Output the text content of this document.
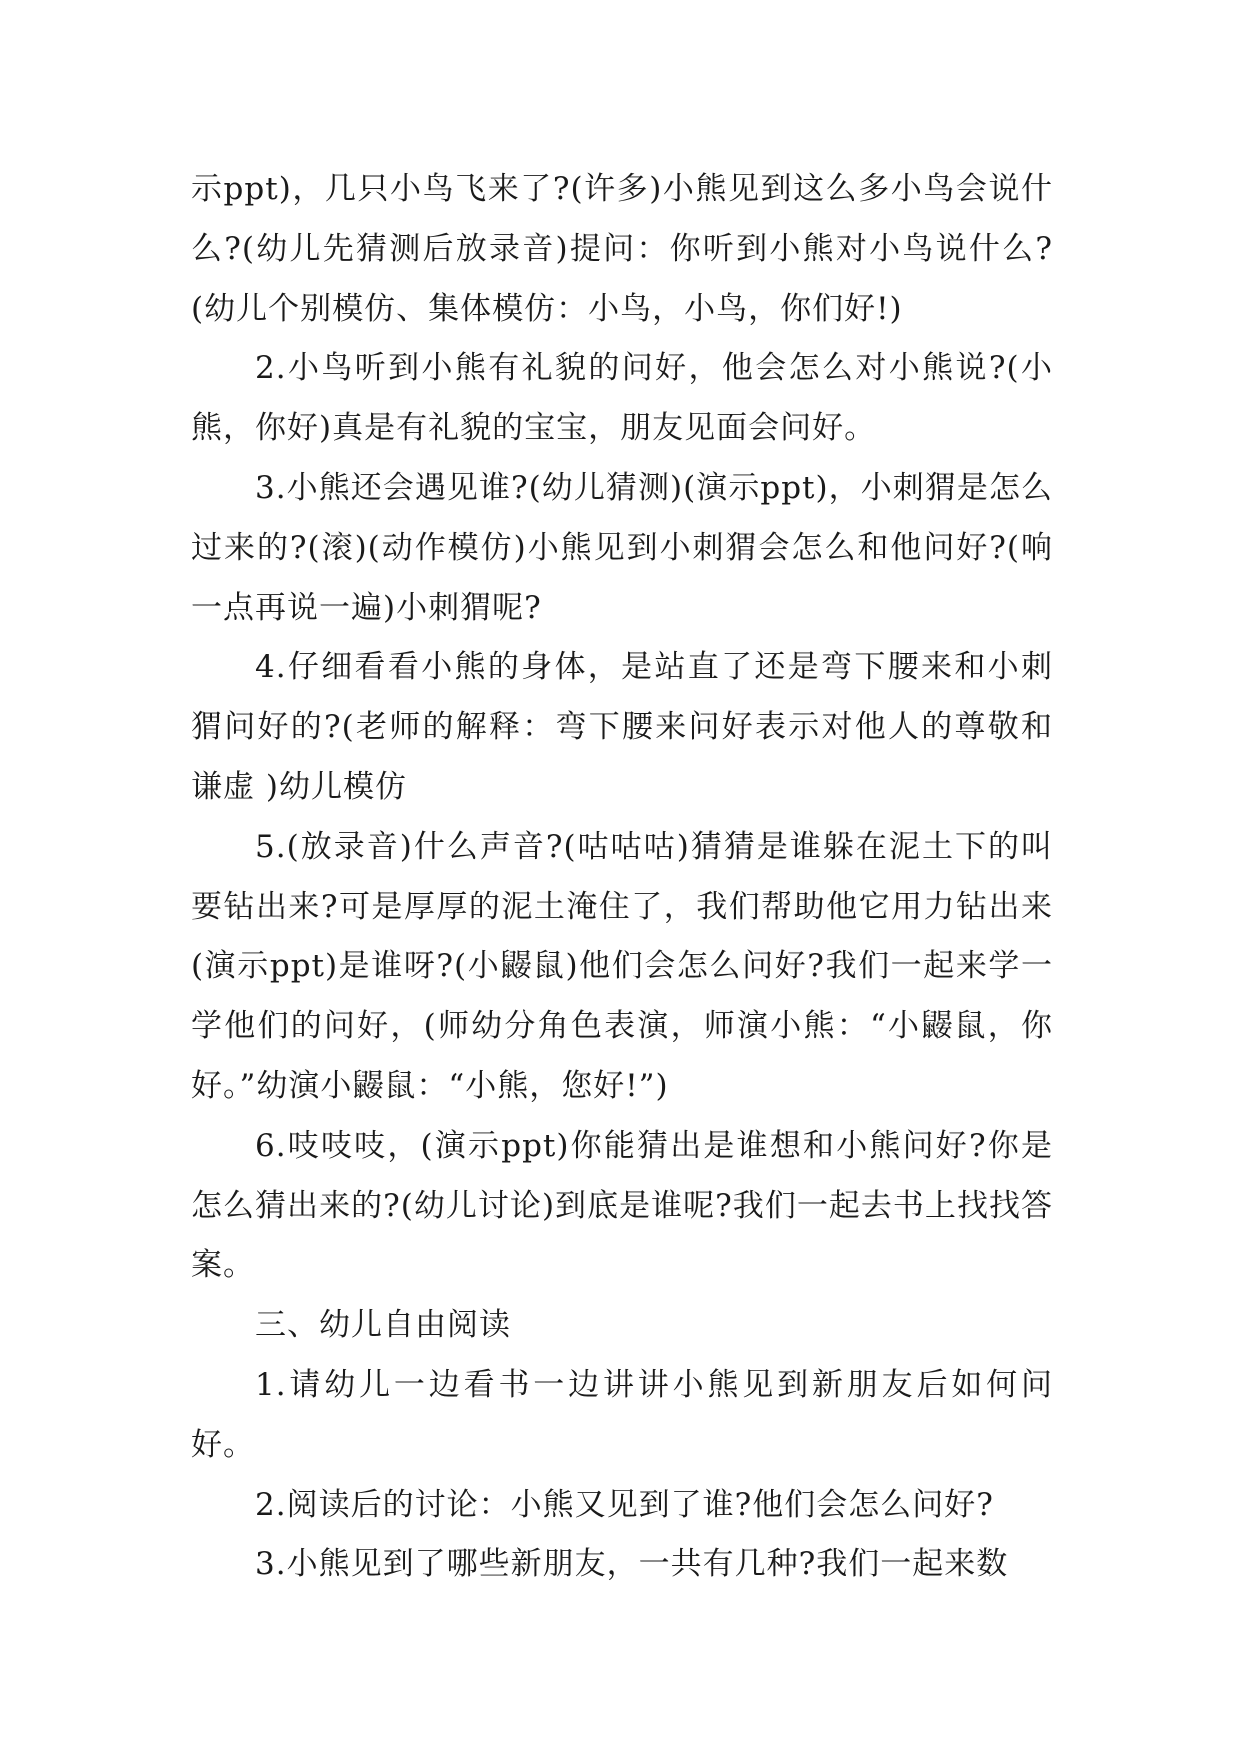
示ppt)，几只小鸟飞来了?(许多)小熊见到这么多小鸟会说什么?(幼儿先猜测后放录音)提问：你听到小熊对小鸟说什么?(幼儿个别模仿、集体模仿：小鸟，小鸟，你们好!)

2.小鸟听到小熊有礼貌的问好，他会怎么对小熊说?(小熊，你好)真是有礼貌的宝宝，朋友见面会问好。

3.小熊还会遇见谁?(幼儿猜测)(演示ppt)，小刺猬是怎么过来的?(滚)(动作模仿)小熊见到小刺猬会怎么和他问好?(响一点再说一遍)小刺猬呢?

4.仔细看看小熊的身体，是站直了还是弯下腰来和小刺猬问好的?(老师的解释：弯下腰来问好表示对他人的尊敬和谦虚 )幼儿模仿

5.(放录音)什么声音?(咕咕咕)猜猜是谁躲在泥土下的叫要钻出来?可是厚厚的泥土淹住了，我们帮助他它用力钻出来(演示ppt)是谁呀?(小鼹鼠)他们会怎么问好?我们一起来学一学他们的问好，(师幼分角色表演，师演小熊：“小鼹鼠，你好。”幼演小鼹鼠：“小熊，您好!”)

6.吱吱吱，(演示ppt)你能猜出是谁想和小熊问好?你是怎么猜出来的?(幼儿讨论)到底是谁呢?我们一起去书上找找答案。

三、幼儿自由阅读

1.请幼儿一边看书一边讲讲小熊见到新朋友后如何问好。

2.阅读后的讨论：小熊又见到了谁?他们会怎么问好?

3.小熊见到了哪些新朋友，一共有几种?我们一起来数
